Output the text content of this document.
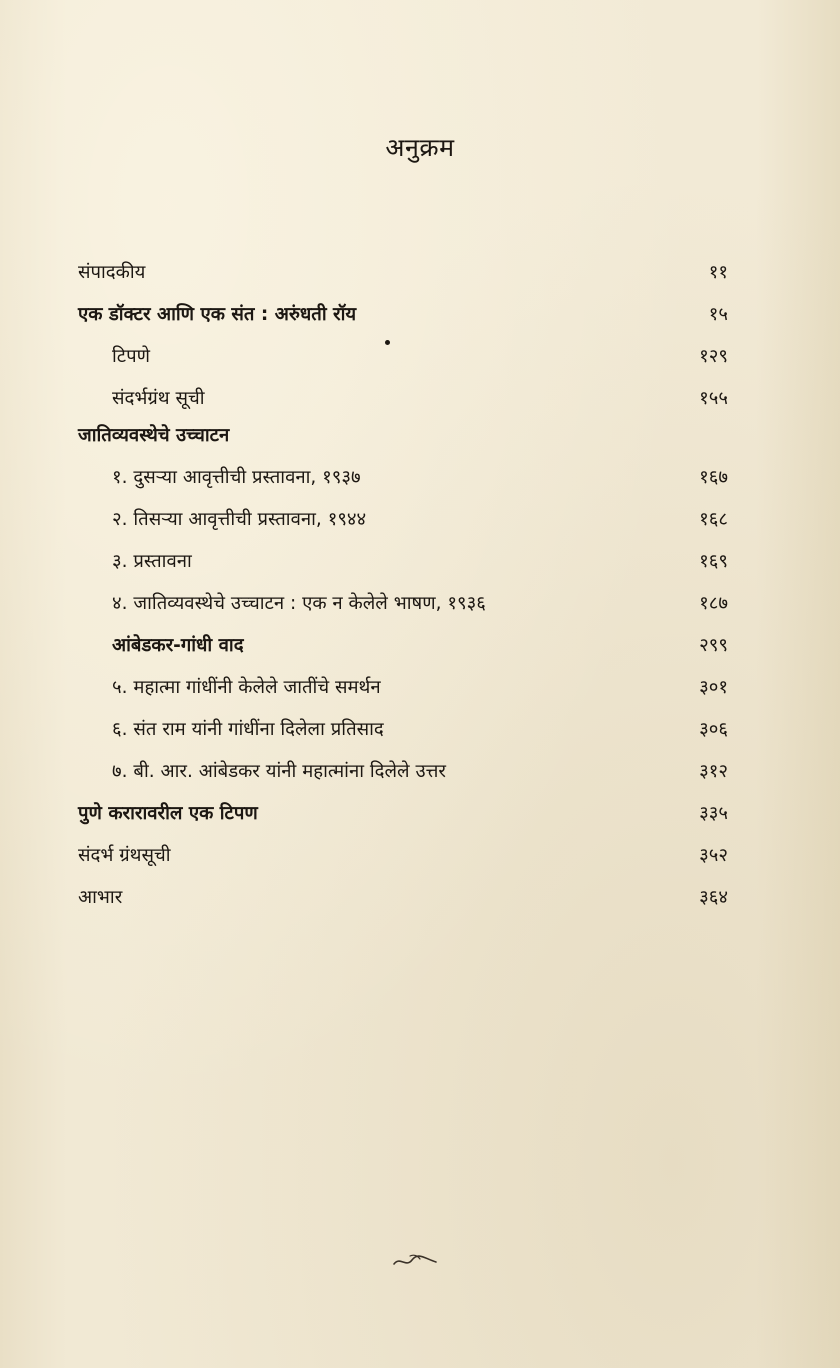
अनुक्रम
संपादकीय	११
एक डॉक्टर आणि एक संत : अरुंधती रॉय	१५
टिपणे	१२९
संदर्भग्रंथ सूची	१५५
जातिव्यवस्थेचे उच्चाटन
१. दुसऱ्या आवृत्तीची प्रस्तावना, १९३७	१६७
२. तिसऱ्या आवृत्तीची प्रस्तावना, १९४४	१६८
३. प्रस्तावना	१६९
४. जातिव्यवस्थेचे उच्चाटन : एक न केलेले भाषण, १९३६	१८७
आंबेडकर-गांधी वाद	२९९
५. महात्मा गांधींनी केलेले जातींचे समर्थन	३०१
६. संत राम यांनी गांधींना दिलेला प्रतिसाद	३०६
७. बी. आर. आंबेडकर यांनी महात्मांना दिलेले उत्तर	३१२
पुणे करारावरील एक टिपण	३३५
संदर्भ ग्रंथसूची	३५२
आभार	३६४
